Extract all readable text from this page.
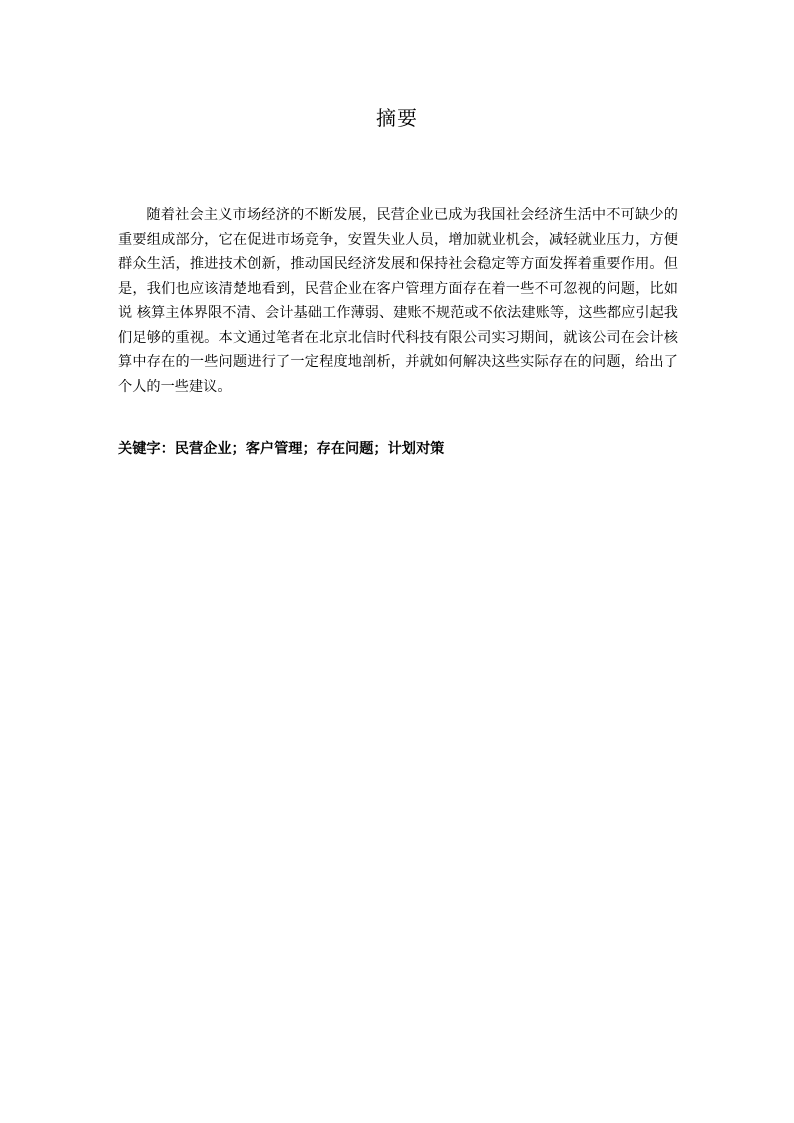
摘要

随着社会主义市场经济的不断发展，民营企业已成为我国社会经济生活中不可缺少的重要组成部分，它在促进市场竞争，安置失业人员，增加就业机会，减轻就业压力，方便群众生活，推进技术创新，推动国民经济发展和保持社会稳定等方面发挥着重要作用。但是，我们也应该清楚地看到，民营企业在客户管理方面存在着一些不可忽视的问题，比如说 核算主体界限不清、会计基础工作薄弱、建账不规范或不依法建账等，这些都应引起我们足够的重视。本文通过笔者在北京北信时代科技有限公司实习期间，就该公司在会计核算中存在的一些问题进行了一定程度地剖析，并就如何解决这些实际存在的问题，给出了个人的一些建议。

关键字：民营企业；客户管理；存在问题；计划对策
